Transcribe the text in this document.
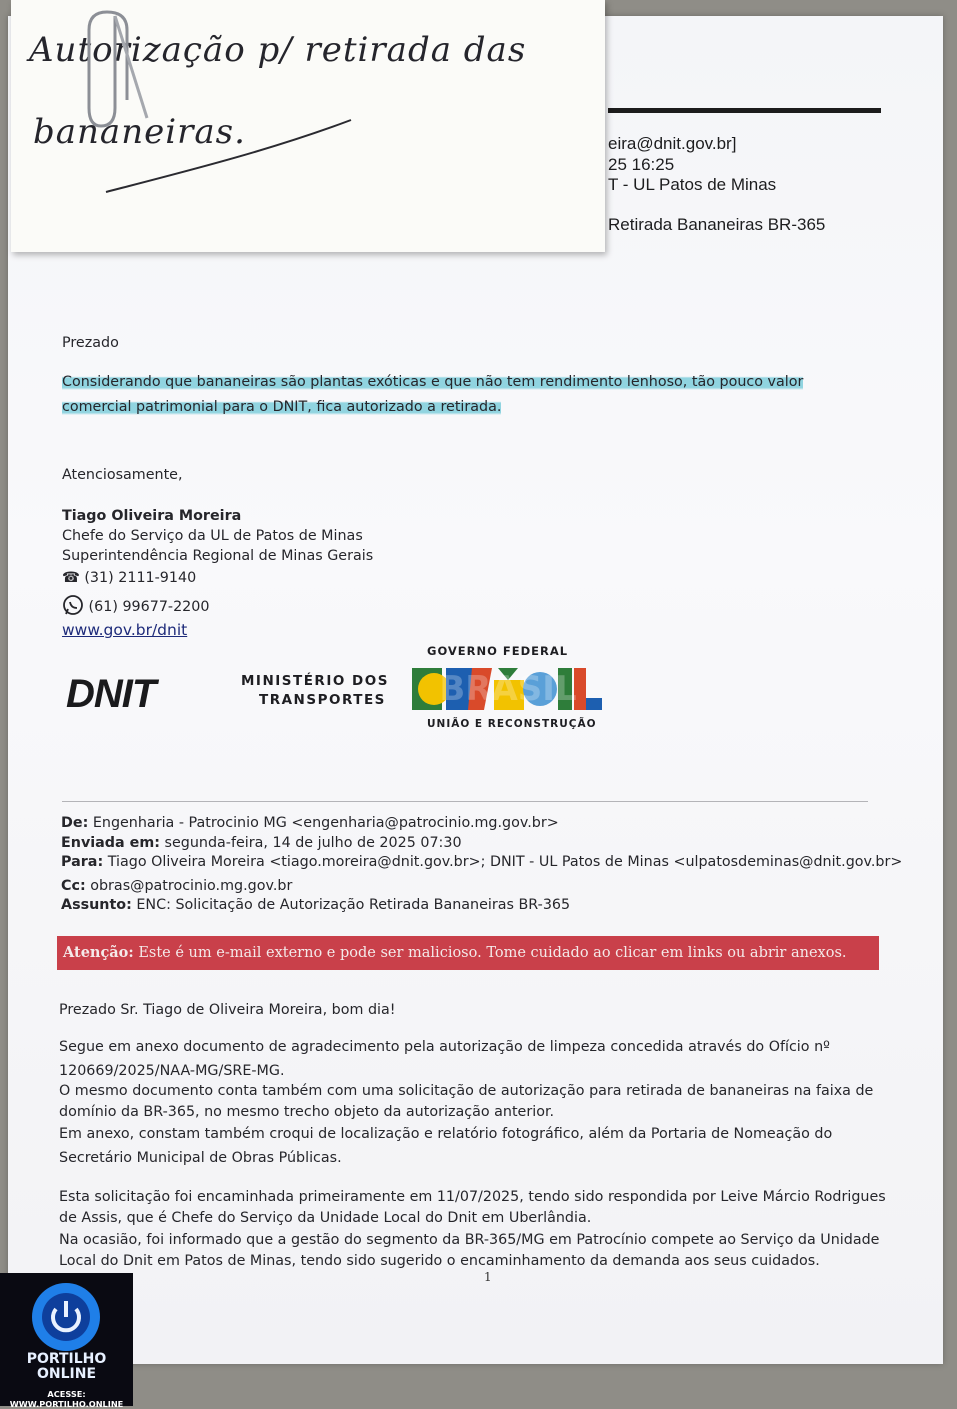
eira@dnit.gov.br]
25 16:25
T - UL Patos de Minas
Retirada Bananeiras BR-365
Autorização p/ retirada das
bananeiras.
Prezado
Considerando que bananeiras são plantas exóticas e que não tem rendimento lenhoso, tão pouco valor
comercial patrimonial para o DNIT, fica autorizado a retirada.
Atenciosamente,
Tiago Oliveira Moreira
Chefe do Serviço da UL de Patos de Minas
Superintendência Regional de Minas Gerais
☎ (31) 2111-9140
(61) 99677-2200
www.gov.br/dnit
DNIT	MINISTÉRIO DOS
TRANSPORTES
GOVERNO FEDERAL
BRASIL
UNIÃO E RECONSTRUÇÃO
De: Engenharia - Patrocinio MG <engenharia@patrocinio.mg.gov.br>
Enviada em: segunda-feira, 14 de julho de 2025 07:30
Para: Tiago Oliveira Moreira <tiago.moreira@dnit.gov.br>; DNIT - UL Patos de Minas <ulpatosdeminas@dnit.gov.br>
Cc: obras@patrocinio.mg.gov.br
Assunto: ENC: Solicitação de Autorização Retirada Bananeiras BR-365
Atenção: Este é um e-mail externo e pode ser malicioso. Tome cuidado ao clicar em links ou abrir anexos.
Prezado Sr. Tiago de Oliveira Moreira, bom dia!
Segue em anexo documento de agradecimento pela autorização de limpeza concedida através do Ofício nº
120669/2025/NAA-MG/SRE-MG.
O mesmo documento conta também com uma solicitação de autorização para retirada de bananeiras na faixa de
domínio da BR-365, no mesmo trecho objeto da autorização anterior.
Em anexo, constam também croqui de localização e relatório fotográfico, além da Portaria de Nomeação do
Secretário Municipal de Obras Públicas.
Esta solicitação foi encaminhada primeiramente em 11/07/2025, tendo sido respondida por Leive Márcio Rodrigues
de Assis, que é Chefe do Serviço da Unidade Local do Dnit em Uberlândia.
Na ocasião, foi informado que a gestão do segmento da BR-365/MG em Patrocínio compete ao Serviço da Unidade
Local do Dnit em Patos de Minas, tendo sido sugerido o encaminhamento da demanda aos seus cuidados.
1
PORTILHO
ONLINE
ACESSE: WWW.PORTILHO.ONLINE
